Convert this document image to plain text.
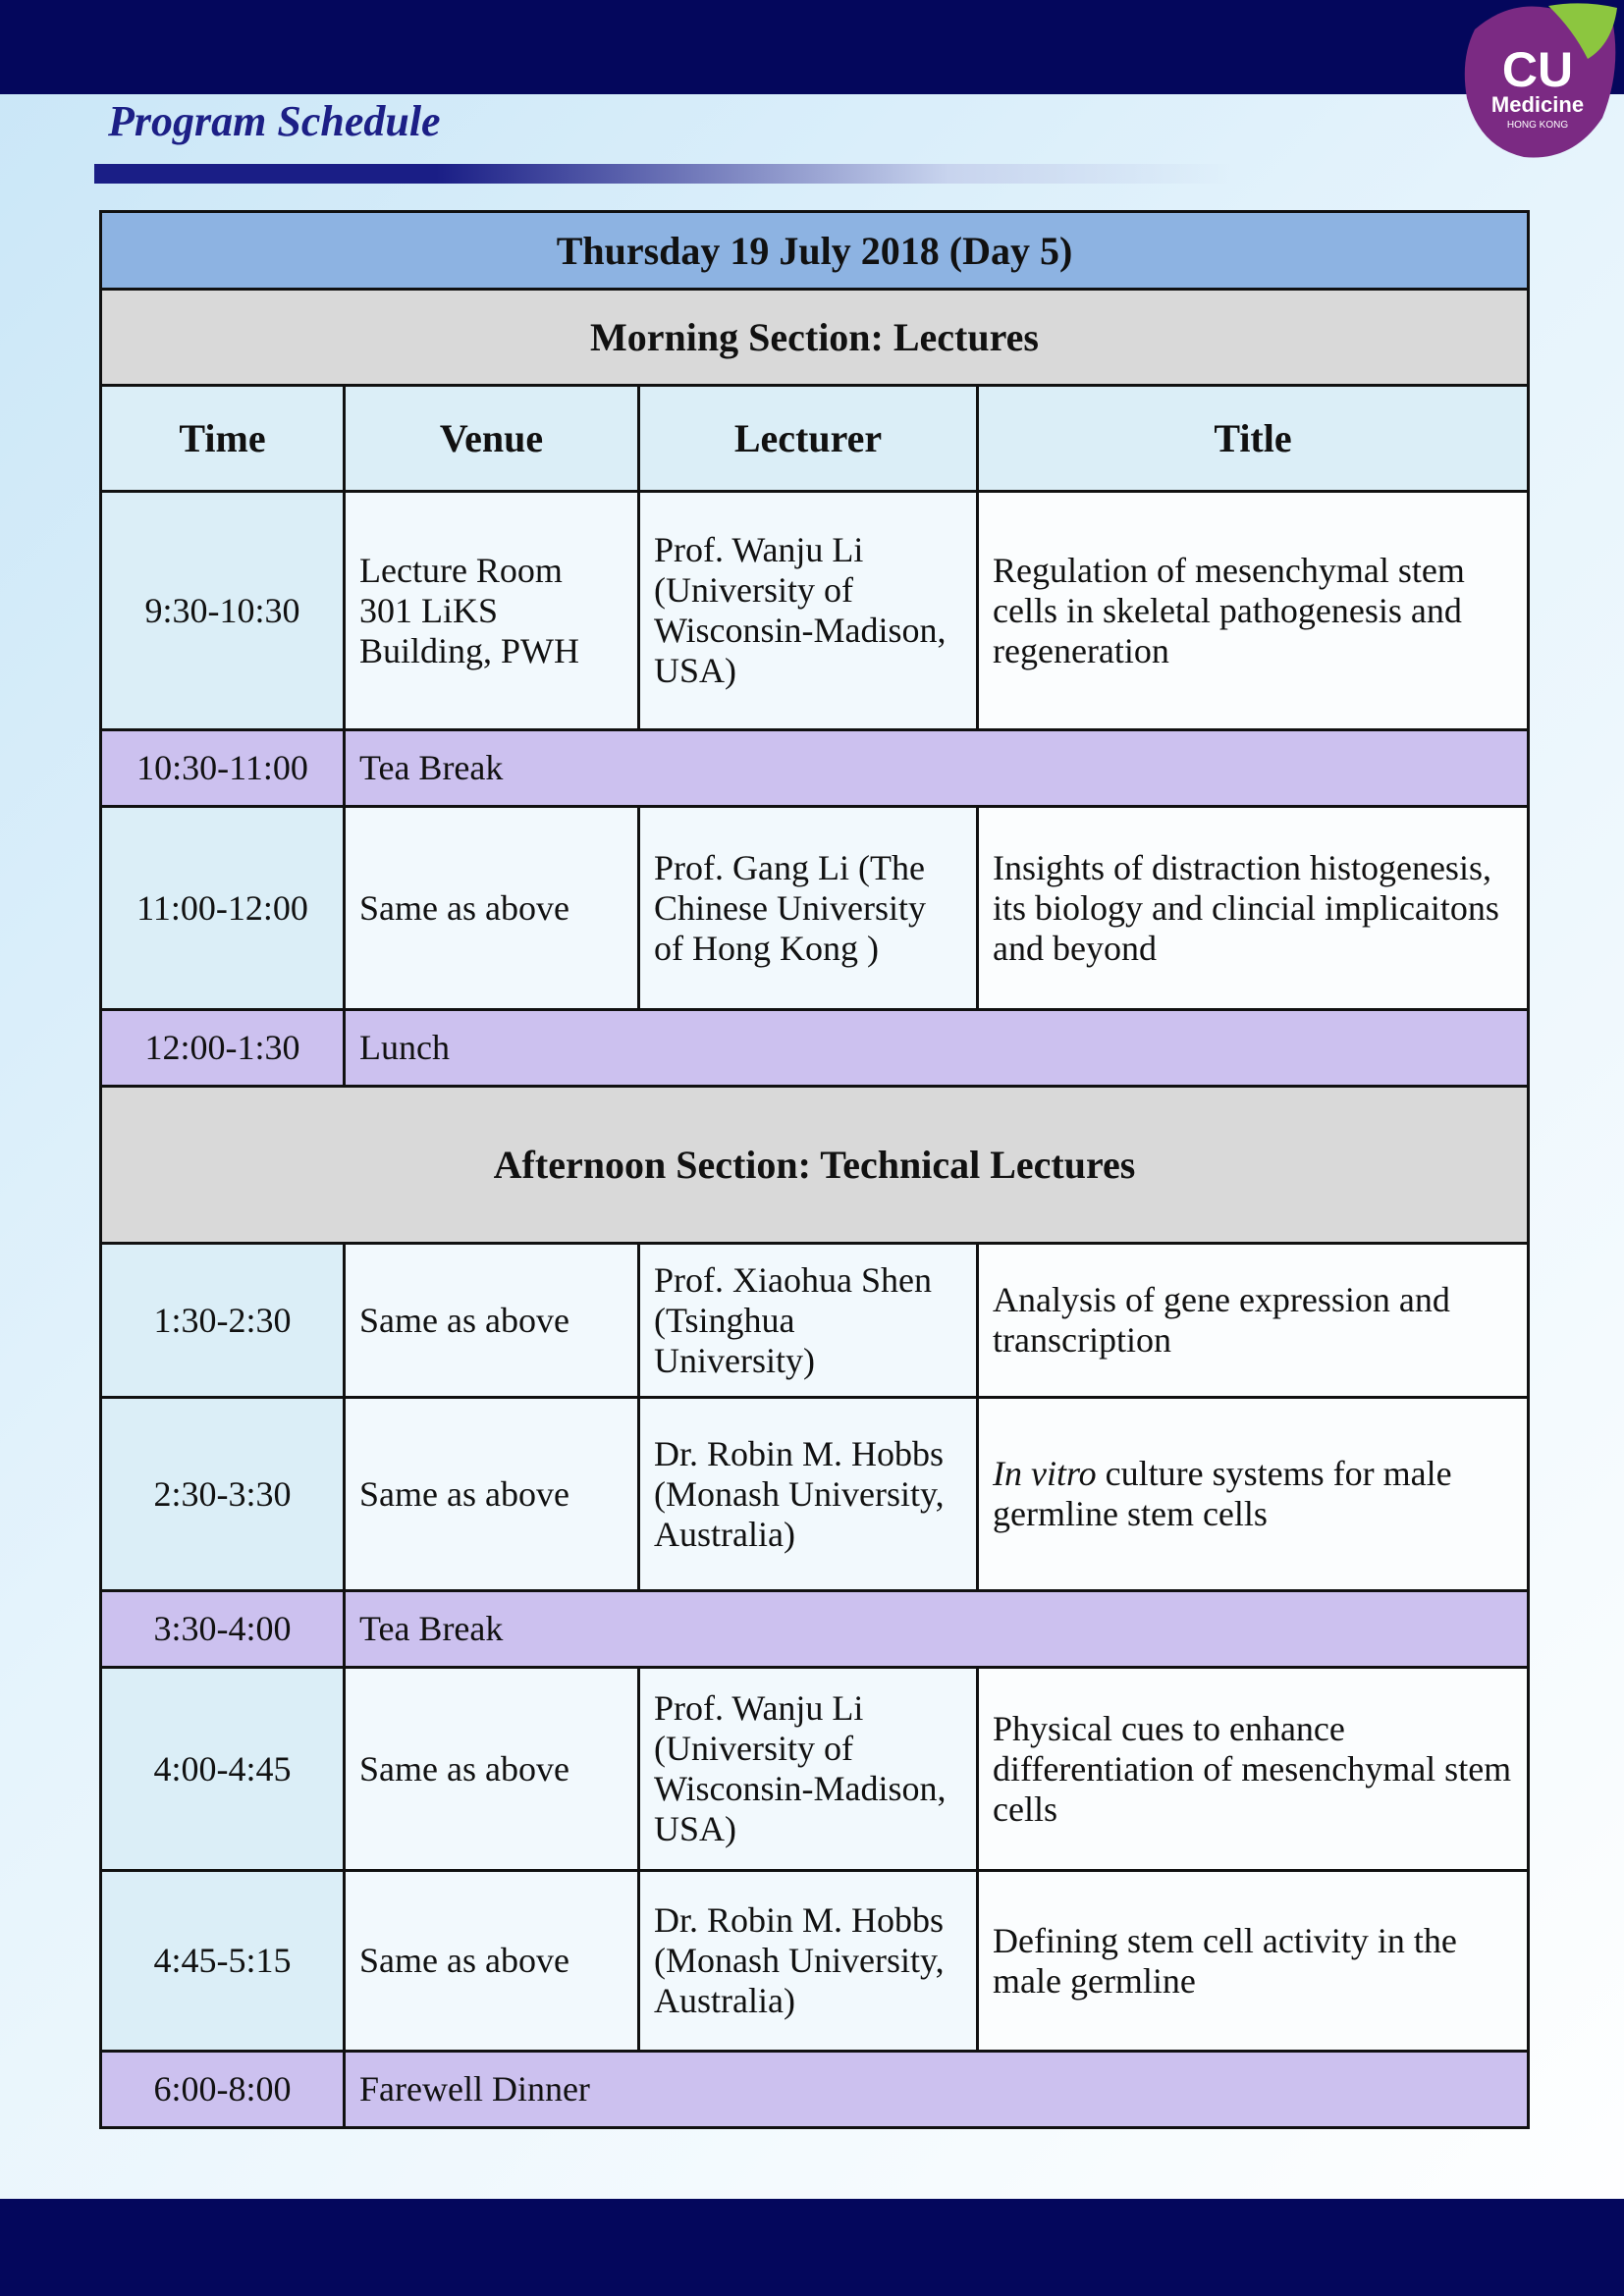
CU
Medicine
HONG KONG
Program Schedule
Thursday 19 July 2018 (Day 5)			
Morning Section: Lectures			
Time	Venue	Lecturer	Title
9:30-10:30	Lecture Room 301 LiKS Building, PWH	Prof. Wanju Li (University of Wisconsin-Madison, USA)	Regulation of mesenchymal stem cells in skeletal pathogenesis and regeneration
10:30-11:00	Tea Break		
11:00-12:00	Same as above	Prof. Gang Li (The Chinese University of Hong Kong )	Insights of distraction histogenesis, its biology and clincial implicaitons and beyond
12:00-1:30	Lunch		
Afternoon Section: Technical Lectures			
1:30-2:30	Same as above	Prof. Xiaohua Shen (Tsinghua University)	Analysis of gene expression and transcription
2:30-3:30	Same as above	Dr. Robin M. Hobbs (Monash University, Australia)	In vitro culture systems for male germline stem cells
3:30-4:00	Tea Break		
4:00-4:45	Same as above	Prof. Wanju Li (University of Wisconsin-Madison, USA)	Physical cues to enhance differentiation of mesenchymal stem cells
4:45-5:15	Same as above	Dr. Robin M. Hobbs (Monash University, Australia)	Defining stem cell activity in the male germline
6:00-8:00	Farewell Dinner		
